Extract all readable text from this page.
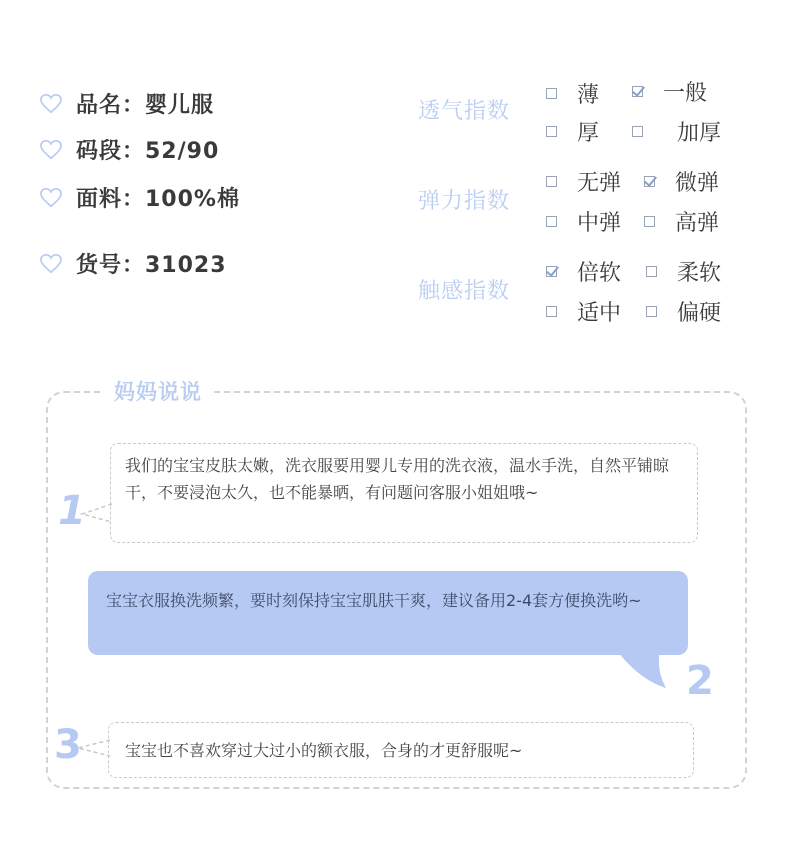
品名：婴儿服
码段：52/90
面料：100%棉
货号：31023
透气指数
薄	一般
厚	加厚
弹力指数
无弹 微弹
中弹 高弹
触感指数
倍软	柔软
适中	偏硬
妈妈说说
1
我们的宝宝皮肤太嫩，洗衣服要用婴儿专用的洗衣液，温水手洗，自然平铺晾干，不要浸泡太久，也不能暴晒，有问题问客服小姐姐哦~
宝宝衣服换洗频繁，要时刻保持宝宝肌肤干爽，建议备用2-4套方便换洗哟~
2
3	宝宝也不喜欢穿过大过小的额衣服，合身的才更舒服呢~
